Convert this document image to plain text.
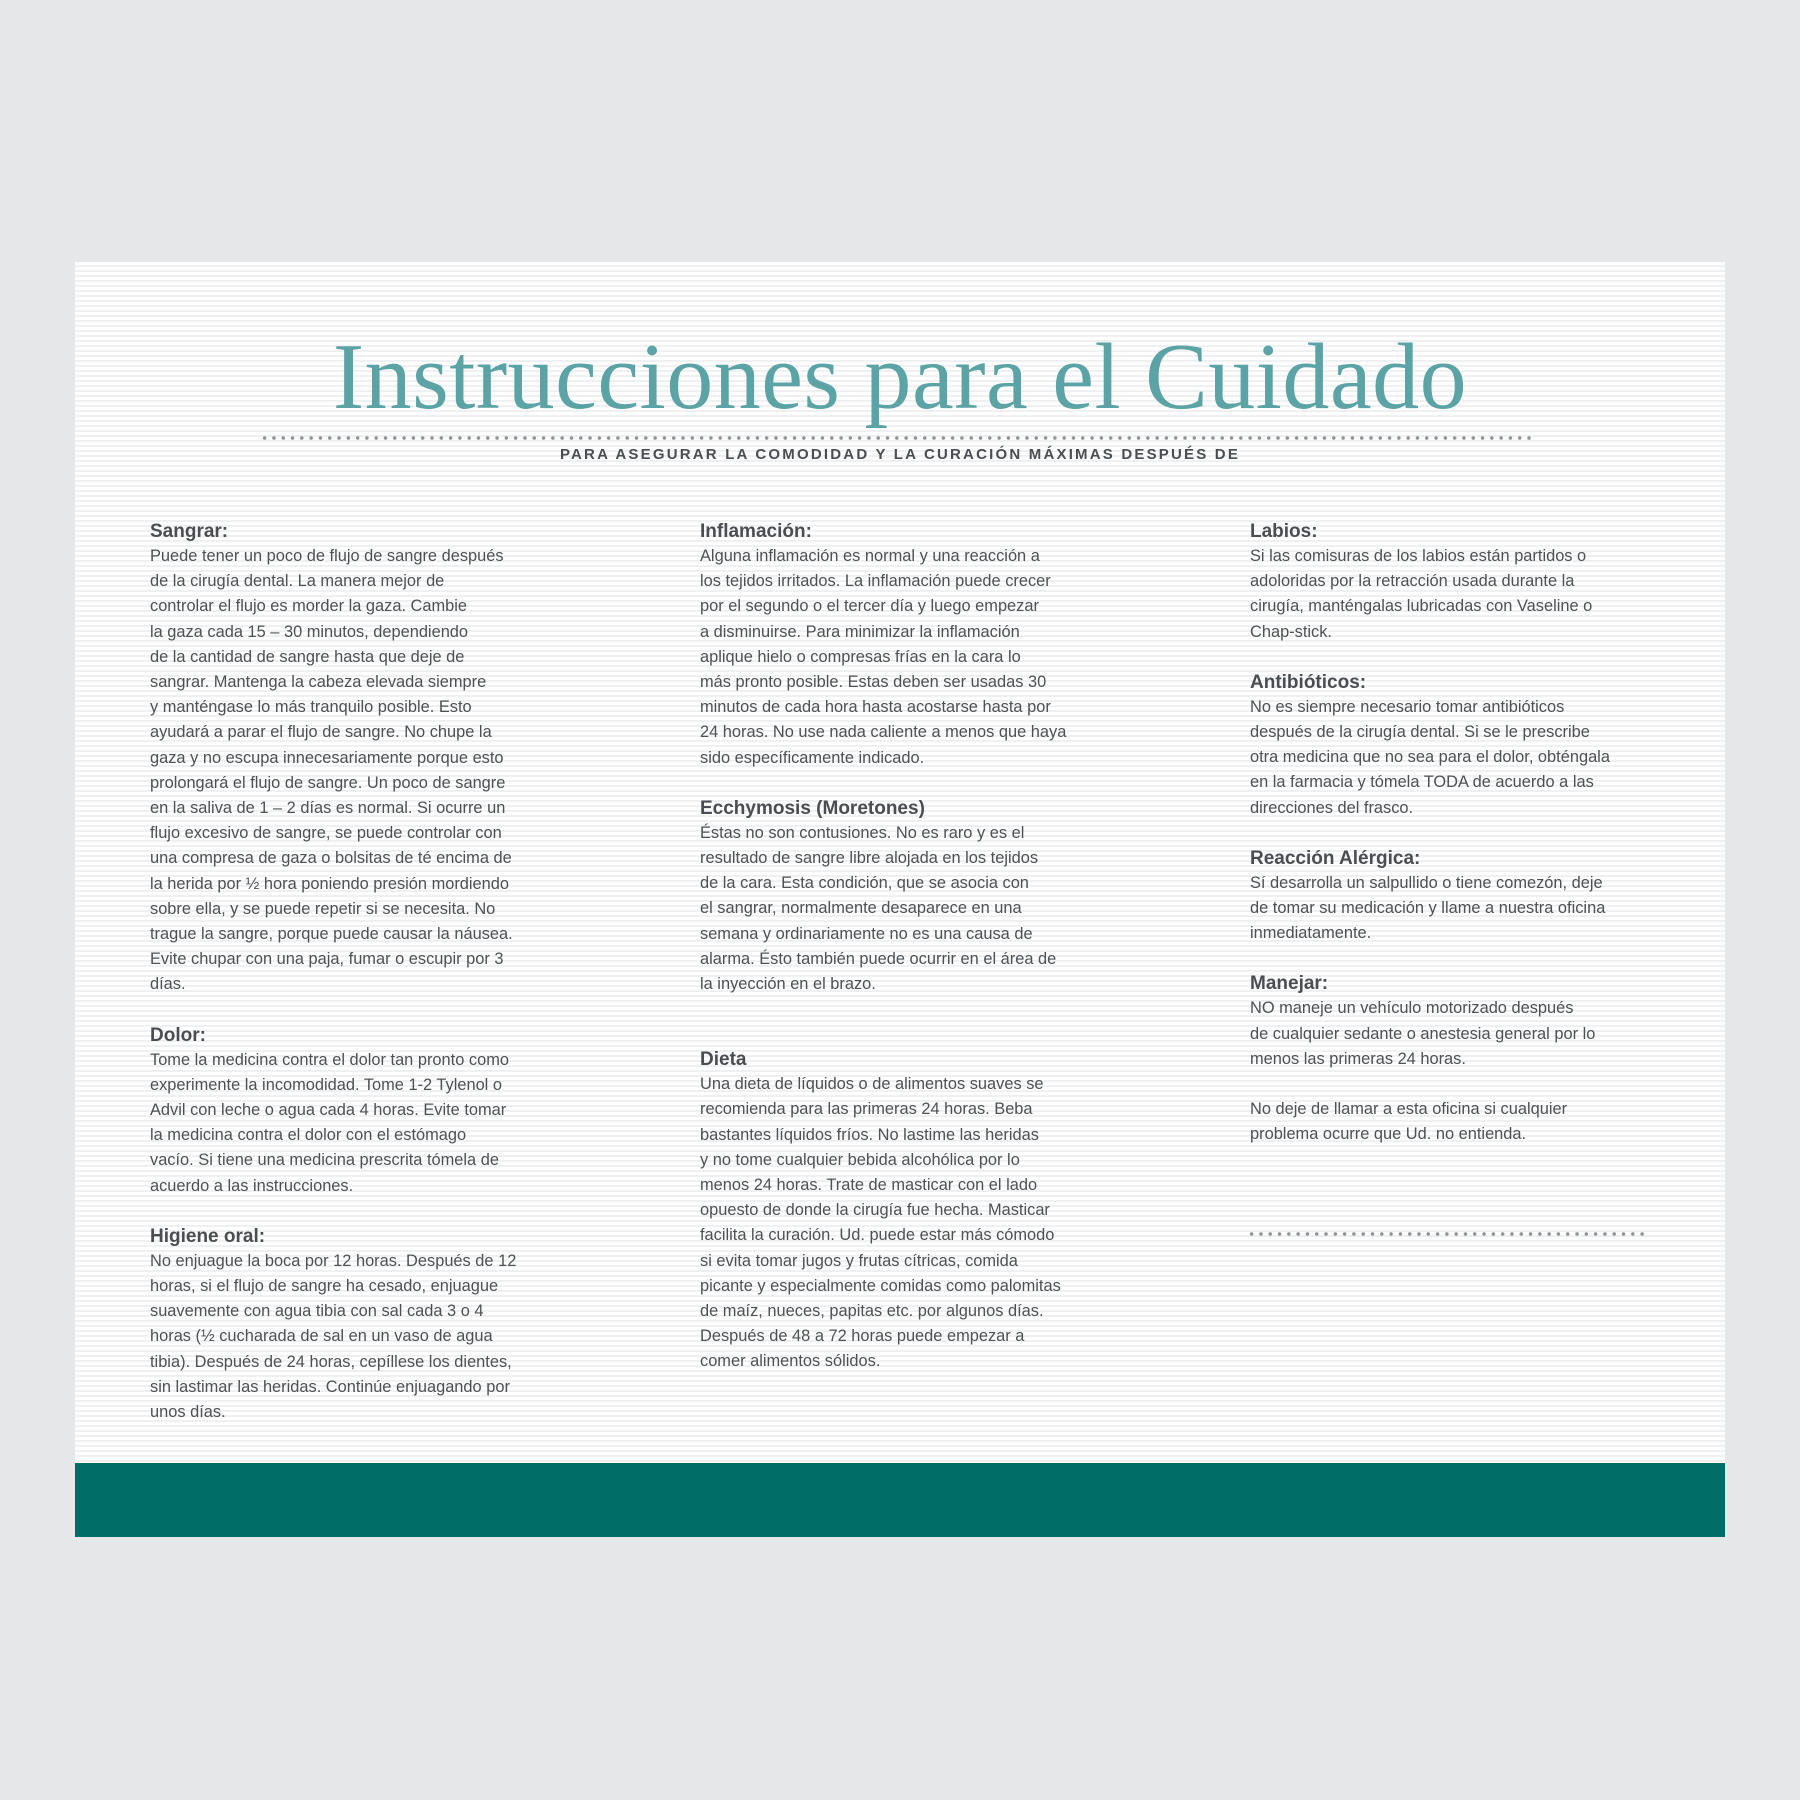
Instrucciones para el Cuidado
PARA ASEGURAR LA COMODIDAD Y LA CURACIÓN MÁXIMAS DESPUÉS DE

Sangrar:

Puede tener un poco de flujo de sangre después
de la cirugía dental. La manera mejor de
controlar el flujo es morder la gaza. Cambie
la gaza cada 15 – 30 minutos, dependiendo
de la cantidad de sangre hasta que deje de
sangrar. Mantenga la cabeza elevada siempre
y manténgase lo más tranquilo posible. Esto
ayudará a parar el flujo de sangre. No chupe la
gaza y no escupa innecesariamente porque esto
prolongará el flujo de sangre. Un poco de sangre
en la saliva de 1 – 2 días es normal. Si ocurre un
flujo excesivo de sangre, se puede controlar con
una compresa de gaza o bolsitas de té encima de
la herida por ½ hora poniendo presión mordiendo
sobre ella, y se puede repetir si se necesita. No
trague la sangre, porque puede causar la náusea.
Evite chupar con una paja, fumar o escupir por 3
días.

Dolor:

Tome la medicina contra el dolor tan pronto como
experimente la incomodidad. Tome 1-2 Tylenol o
Advil con leche o agua cada 4 horas. Evite tomar
la medicina contra el dolor con el estómago
vacío. Si tiene una medicina prescrita tómela de
acuerdo a las instrucciones.

Higiene oral:

No enjuague la boca por 12 horas. Después de 12
horas, si el flujo de sangre ha cesado, enjuague
suavemente con agua tibia con sal cada 3 o 4
horas (½ cucharada de sal en un vaso de agua
tibia). Después de 24 horas, cepíllese los dientes,
sin lastimar las heridas. Continúe enjuagando por
unos días.

Inflamación:

Alguna inflamación es normal y una reacción a
los tejidos irritados. La inflamación puede crecer
por el segundo o el tercer día y luego empezar
a disminuirse. Para minimizar la inflamación
aplique hielo o compresas frías en la cara lo
más pronto posible. Estas deben ser usadas 30
minutos de cada hora hasta acostarse hasta por
24 horas. No use nada caliente a menos que haya
sido específicamente indicado.

Ecchymosis (Moretones)

Éstas no son contusiones. No es raro y es el
resultado de sangre libre alojada en los tejidos
de la cara. Esta condición, que se asocia con
el sangrar, normalmente desaparece en una
semana y ordinariamente no es una causa de
alarma. Ésto también puede ocurrir en el área de
la inyección en el brazo.

Dieta

Una dieta de líquidos o de alimentos suaves se
recomienda para las primeras 24 horas. Beba
bastantes líquidos fríos. No lastime las heridas
y no tome cualquier bebida alcohólica por lo
menos 24 horas. Trate de masticar con el lado
opuesto de donde la cirugía fue hecha. Masticar
facilita la curación. Ud. puede estar más cómodo
si evita tomar jugos y frutas cítricas, comida
picante y especialmente comidas como palomitas
de maíz, nueces, papitas etc. por algunos días.
Después de 48 a 72 horas puede empezar a
comer alimentos sólidos.

Labios:

Si las comisuras de los labios están partidos o
adoloridas por la retracción usada durante la
cirugía, manténgalas lubricadas con Vaseline o
Chap-stick.

Antibióticos:

No es siempre necesario tomar antibióticos
después de la cirugía dental. Si se le prescribe
otra medicina que no sea para el dolor, obténgala
en la farmacia y tómela TODA de acuerdo a las
direcciones del frasco.

Reacción Alérgica:

Sí desarrolla un salpullido o tiene comezón, deje
de tomar su medicación y llame a nuestra oficina
inmediatamente.

Manejar:

NO maneje un vehículo motorizado después
de cualquier sedante o anestesia general por lo
menos las primeras 24 horas.

No deje de llamar a esta oficina si cualquier
problema ocurre que Ud. no entienda.
